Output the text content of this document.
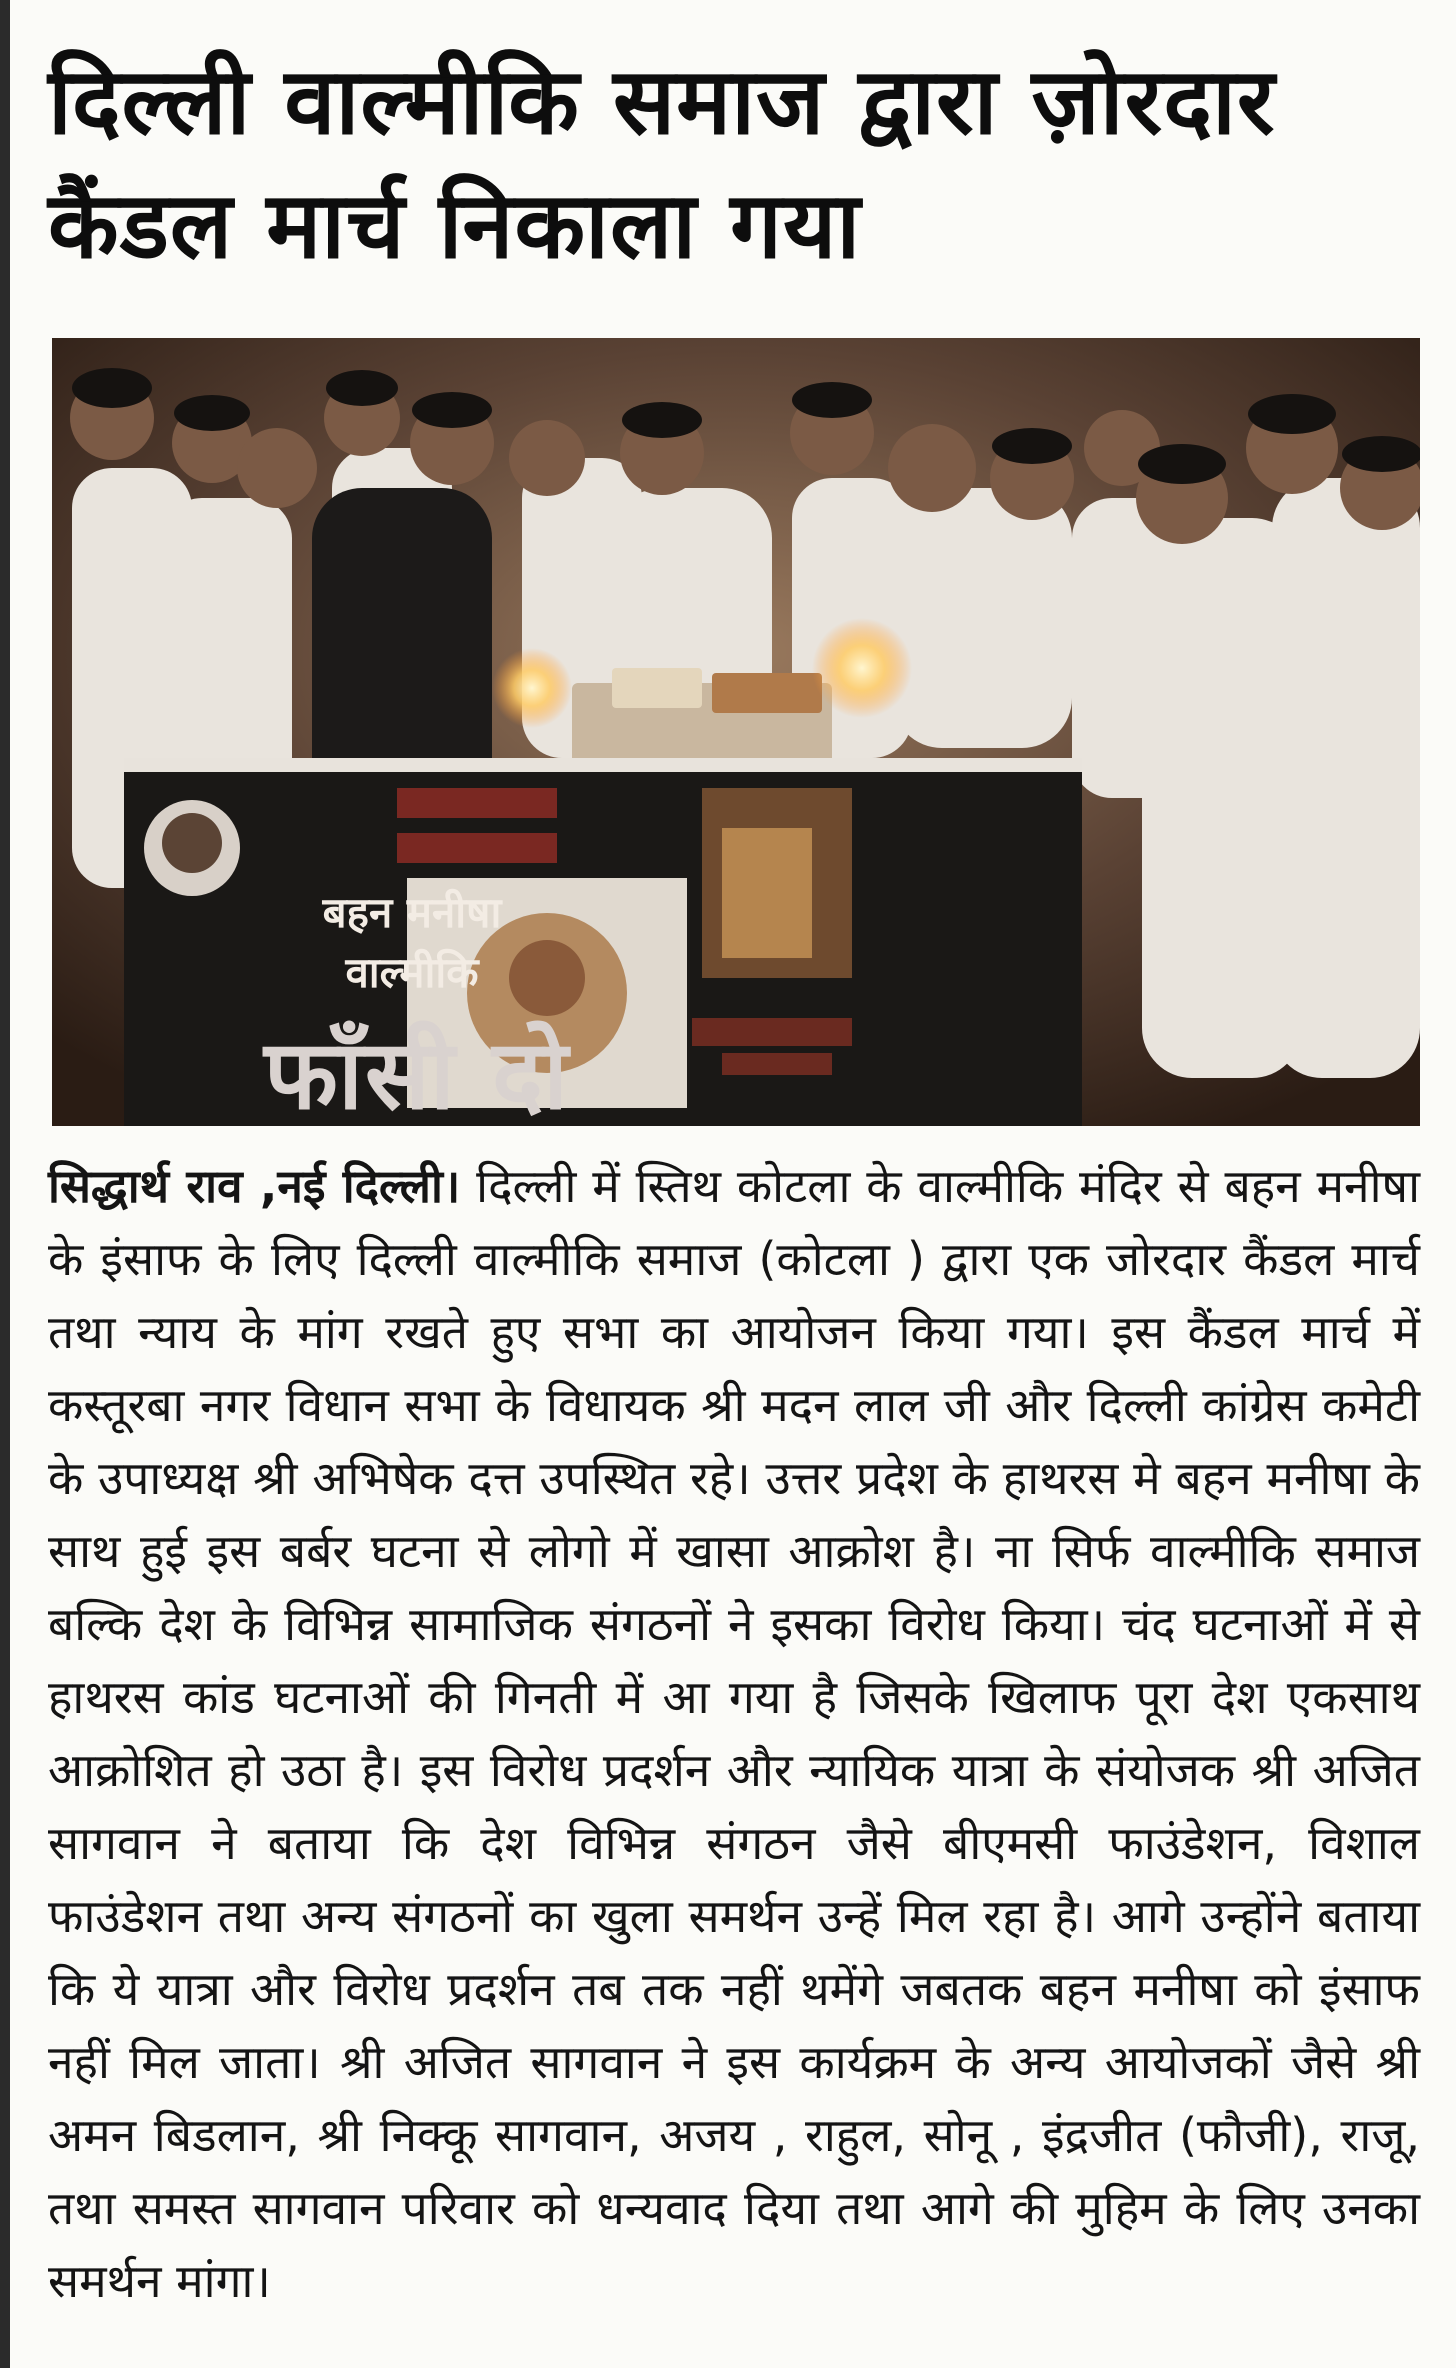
दिल्ली वाल्मीकि समाज द्वारा ज़ोरदार
कैंडल मार्च निकाला गया
बहन मनीषा
वाल्मीकि
फाँसी दो

सिद्धार्थ राव ,नई दिल्ली। दिल्ली में स्तिथ कोटला के वाल्मीकि मंदिर से बहन मनीषा के इंसाफ के लिए दिल्ली वाल्मीकि समाज (कोटला ) द्वारा एक जोरदार कैंडल मार्च तथा न्याय के मांग रखते हुए सभा का आयोजन किया गया। इस कैंडल मार्च में कस्तूरबा नगर विधान सभा के विधायक श्री मदन लाल जी और दिल्ली कांग्रेस कमेटी के उपाध्यक्ष श्री अभिषेक दत्त उपस्थित रहे। उत्तर प्रदेश के हाथरस मे बहन मनीषा के साथ हुई इस बर्बर घटना से लोगो में खासा आक्रोश है। ना सिर्फ वाल्मीकि समाज बल्कि देश के विभिन्न सामाजिक संगठनों ने इसका विरोध किया। चंद घटनाओं में से हाथरस कांड घटनाओं की गिनती में आ गया है जिसके खिलाफ पूरा देश एकसाथ आक्रोशित हो उठा है। इस विरोध प्रदर्शन और न्यायिक यात्रा के संयोजक श्री अजित सागवान ने बताया कि देश विभिन्न संगठन जैसे बीएमसी फाउंडेशन, विशाल फाउंडेशन तथा अन्य संगठनों का खुला समर्थन उन्हें मिल रहा है। आगे उन्होंने बताया कि ये यात्रा और विरोध प्रदर्शन तब तक नहीं थमेंगे जबतक बहन मनीषा को इंसाफ नहीं मिल जाता। श्री अजित सागवान ने इस कार्यक्रम के अन्य आयोजकों जैसे श्री अमन बिडलान, श्री निक्कू सागवान, अजय , राहुल, सोनू , इंद्रजीत (फौजी), राजू, तथा समस्त सागवान परिवार को धन्यवाद दिया तथा आगे की मुहिम के लिए उनका समर्थन मांगा।
